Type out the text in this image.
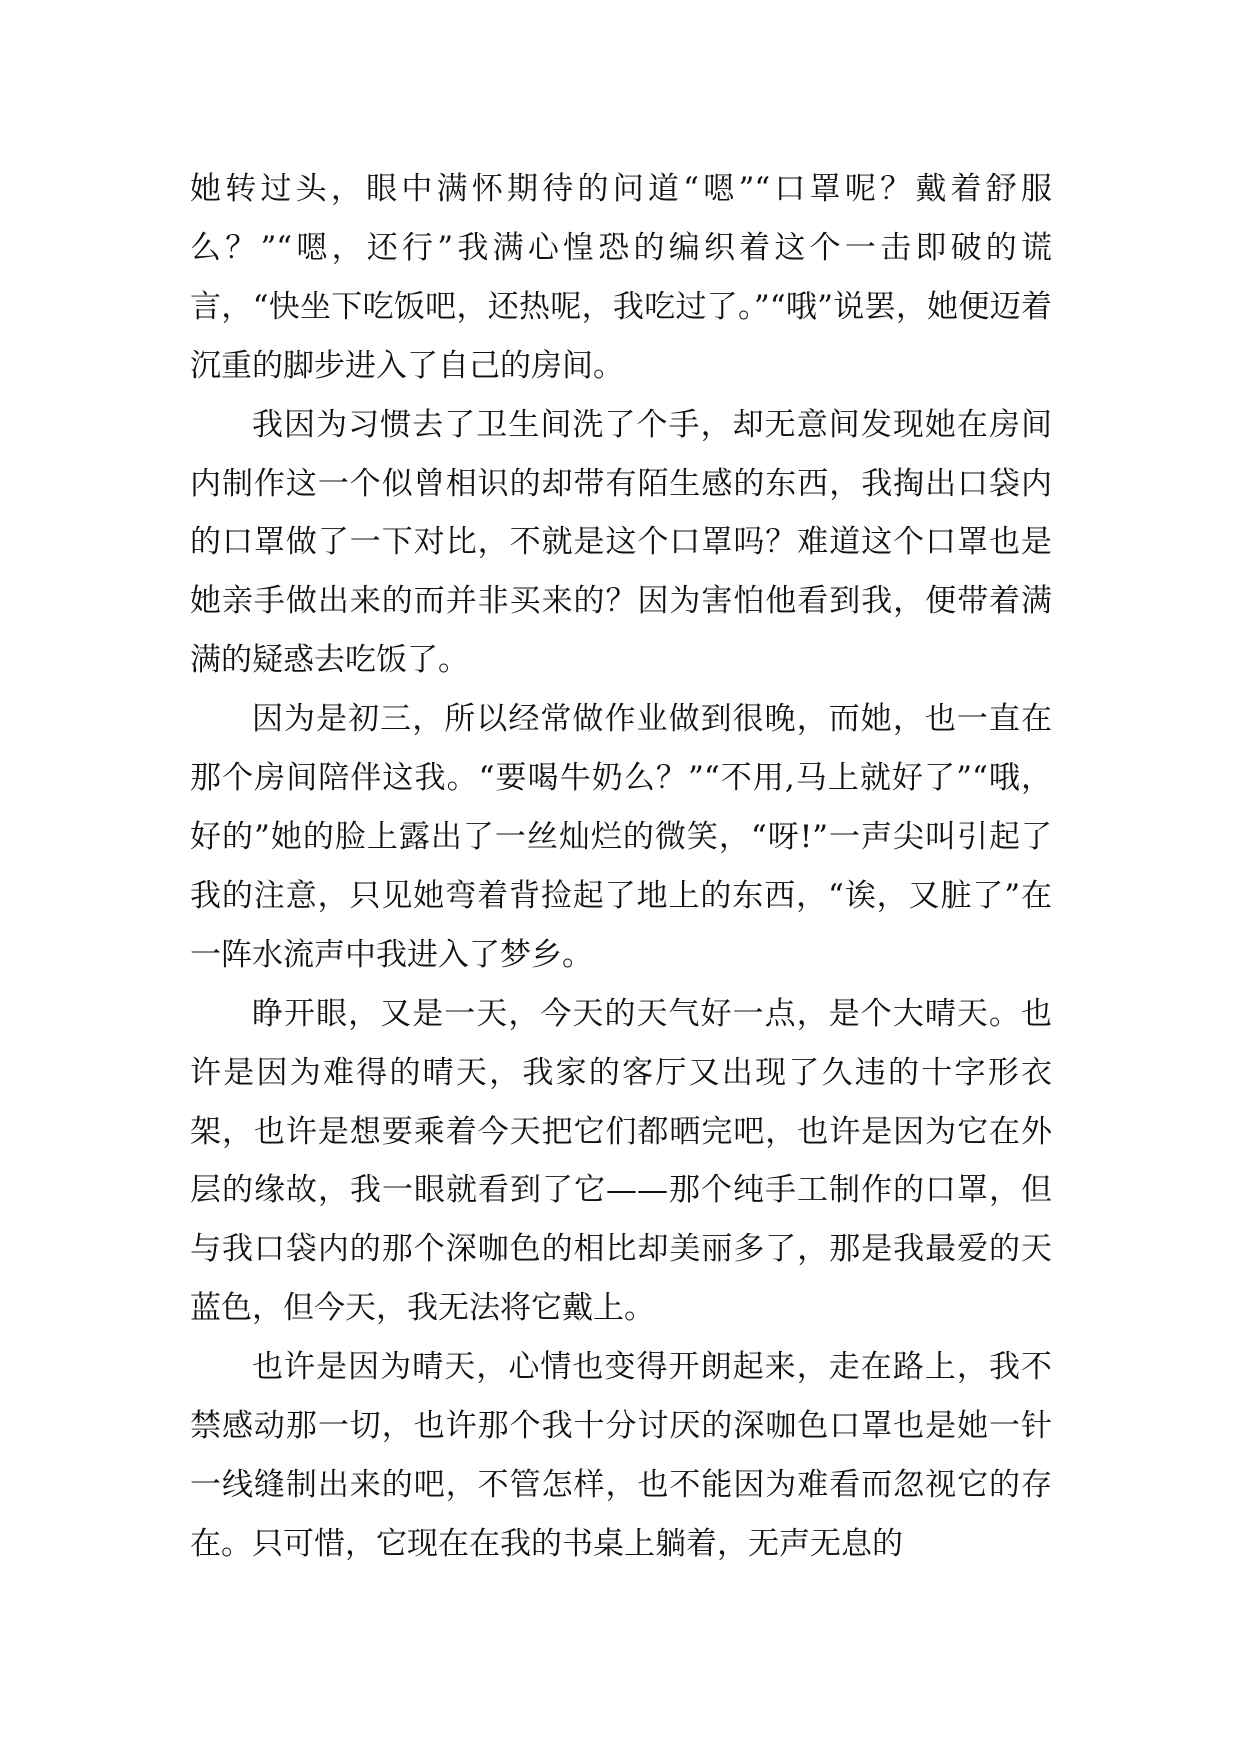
她转过头，眼中满怀期待的问道“嗯”“口罩呢？戴着舒服么？”“嗯，还行”我满心惶恐的编织着这个一击即破的谎言，“快坐下吃饭吧，还热呢，我吃过了。”“哦”说罢，她便迈着沉重的脚步进入了自己的房间。

我因为习惯去了卫生间洗了个手，却无意间发现她在房间内制作这一个似曾相识的却带有陌生感的东西，我掏出口袋内的口罩做了一下对比，不就是这个口罩吗？难道这个口罩也是她亲手做出来的而并非买来的？因为害怕他看到我，便带着满满的疑惑去吃饭了。

因为是初三，所以经常做作业做到很晚，而她，也一直在那个房间陪伴这我。“要喝牛奶么？”“不用,马上就好了”“哦，好的”她的脸上露出了一丝灿烂的微笑，“呀!”一声尖叫引起了我的注意，只见她弯着背捡起了地上的东西，“诶，又脏了”在一阵水流声中我进入了梦乡。

睁开眼，又是一天，今天的天气好一点，是个大晴天。也许是因为难得的晴天，我家的客厅又出现了久违的十字形衣架，也许是想要乘着今天把它们都晒完吧，也许是因为它在外层的缘故，我一眼就看到了它——那个纯手工制作的口罩，但与我口袋内的那个深咖色的相比却美丽多了，那是我最爱的天蓝色，但今天，我无法将它戴上。

也许是因为晴天，心情也变得开朗起来，走在路上，我不禁感动那一切，也许那个我十分讨厌的深咖色口罩也是她一针一线缝制出来的吧，不管怎样，也不能因为难看而忽视它的存在。只可惜，它现在在我的书桌上躺着，无声无息的
